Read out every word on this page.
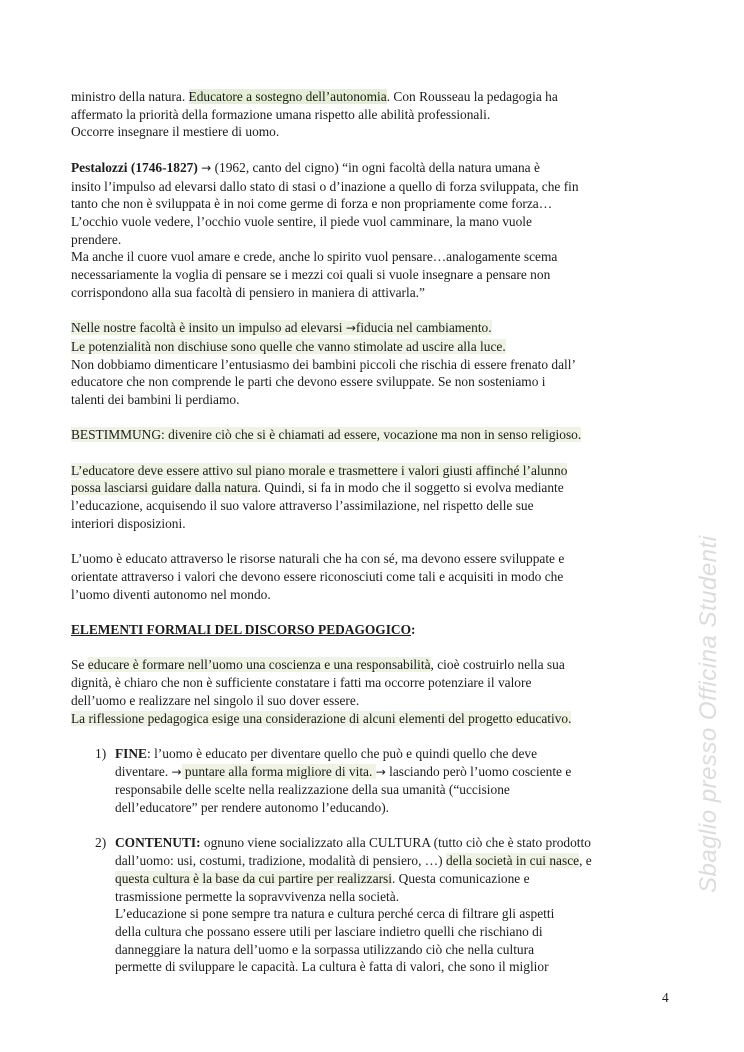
ministro della natura. Educatore a sostegno dell’autonomia. Con Rousseau la pedagogia ha
affermato la priorità della formazione umana rispetto alle abilità professionali.
Occorre insegnare il mestiere di uomo.

Pestalozzi (1746-1827) → (1962, canto del cigno) “in ogni facoltà della natura umana è
insito l’impulso ad elevarsi dallo stato di stasi o d’inazione a quello di forza sviluppata, che fin
tanto che non è sviluppata è in noi come germe di forza e non propriamente come forza…
L’occhio vuole vedere, l’occhio vuole sentire, il piede vuol camminare, la mano vuole
prendere.
Ma anche il cuore vuol amare e crede, anche lo spirito vuol pensare…analogamente scema
necessariamente la voglia di pensare se i mezzi coi quali si vuole insegnare a pensare non
corrispondono alla sua facoltà di pensiero in maniera di attivarla.”

Nelle nostre facoltà è insito un impulso ad elevarsi →fiducia nel cambiamento.
Le potenzialità non dischiuse sono quelle che vanno stimolate ad uscire alla luce.
Non dobbiamo dimenticare l’entusiasmo dei bambini piccoli che rischia di essere frenato dall’
educatore che non comprende le parti che devono essere sviluppate. Se non sosteniamo i
talenti dei bambini li perdiamo.

BESTIMMUNG: divenire ciò che si è chiamati ad essere, vocazione ma non in senso religioso.

L’educatore deve essere attivo sul piano morale e trasmettere i valori giusti affinché l’alunno
possa lasciarsi guidare dalla natura. Quindi, si fa in modo che il soggetto si evolva mediante
l’educazione, acquisendo il suo valore attraverso l’assimilazione, nel rispetto delle sue
interiori disposizioni.

L’uomo è educato attraverso le risorse naturali che ha con sé, ma devono essere sviluppate e
orientate attraverso i valori che devono essere riconosciuti come tali e acquisiti in modo che
l’uomo diventi autonomo nel mondo.

ELEMENTI FORMALI DEL DISCORSO PEDAGOGICO:

Se educare è formare nell’uomo una coscienza e una responsabilità, cioè costruirlo nella sua
dignità, è chiaro che non è sufficiente constatare i fatti ma occorre potenziare il valore
dell’uomo e realizzare nel singolo il suo dover essere.
La riflessione pedagogica esige una considerazione di alcuni elementi del progetto educativo.

1) FINE: l’uomo è educato per diventare quello che può e quindi quello che deve
diventare. → puntare alla forma migliore di vita. → lasciando però l’uomo cosciente e
responsabile delle scelte nella realizzazione della sua umanità (“uccisione
dell’educatore” per rendere autonomo l’educando).
2) CONTENUTI: ognuno viene socializzato alla CULTURA (tutto ciò che è stato prodotto
dall’uomo: usi, costumi, tradizione, modalità di pensiero, …) della società in cui nasce, e
questa cultura è la base da cui partire per realizzarsi. Questa comunicazione e
trasmissione permette la sopravvivenza nella società.
L’educazione si pone sempre tra natura e cultura perché cerca di filtrare gli aspetti
della cultura che possano essere utili per lasciare indietro quelli che rischiano di
danneggiare la natura dell’uomo e la sorpassa utilizzando ciò che nella cultura
permette di sviluppare le capacità. La cultura è fatta di valori, che sono il miglior
Sbaglio presso Officina Studenti
4
